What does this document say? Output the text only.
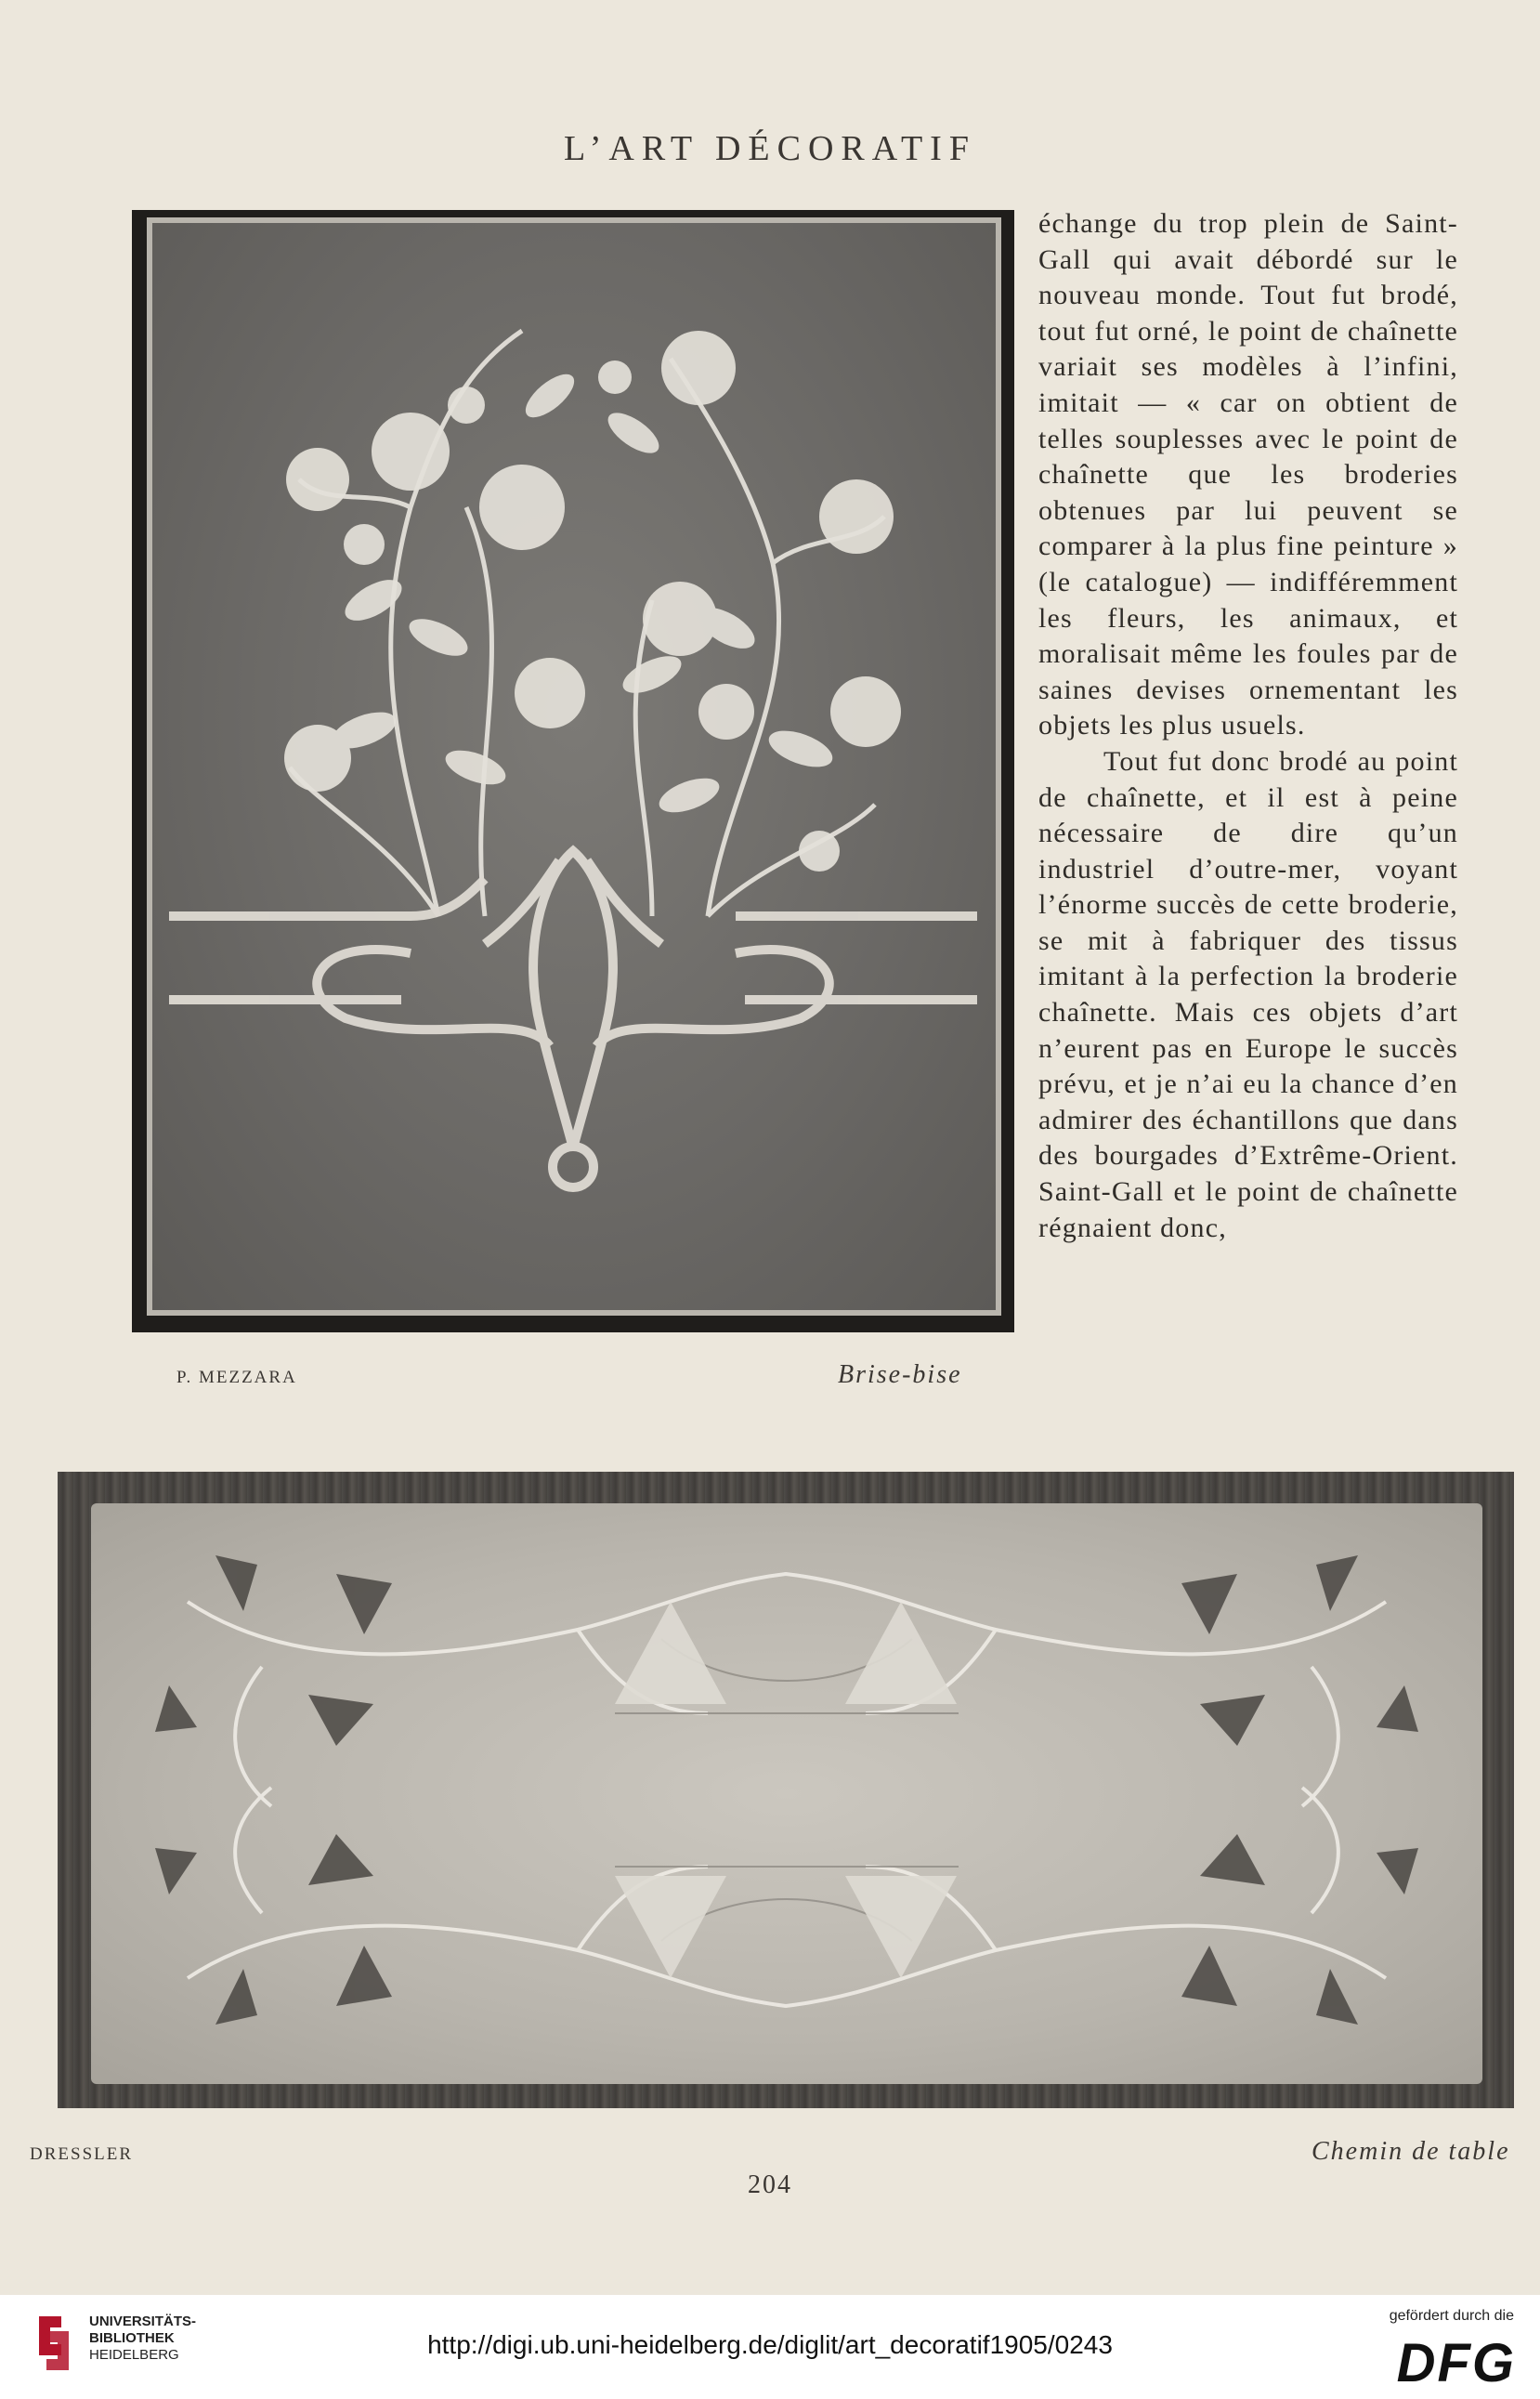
L’ART DÉCORATIF
P. MEZZARA	Brise-bise

échange du trop plein de Saint-Gall qui avait débordé sur le nouveau monde. Tout fut brodé, tout fut orné, le point de chaînette variait ses modèles à l’infini, imitait — « car on obtient de telles souplesses avec le point de chaînette que les broderies obtenues par lui peuvent se comparer à la plus fine peinture » (le catalogue) — indifféremment les fleurs, les animaux, et moralisait même les foules par de saines devises ornementant les objets les plus usuels.

Tout fut donc brodé au point de chaînette, et il est à peine nécessaire de dire qu’un industriel d’outre-mer, voyant l’énorme succès de cette broderie, se mit à fabriquer des tissus imitant à la perfection la broderie chaînette. Mais ces objets d’art n’eurent pas en Europe le succès prévu, et je n’ai eu la chance d’en admirer des échantillons que dans des bourgades d’Extrême-Orient. Saint-Gall et le point de chaînette régnaient donc,

DRESSLER	Chemin de table
204
UNIVERSITÄTS-
BIBLIOTHEK
HEIDELBERG	http://digi.ub.uni-heidelberg.de/diglit/art_decoratif1905/0243
gefördert durch die
DFG
